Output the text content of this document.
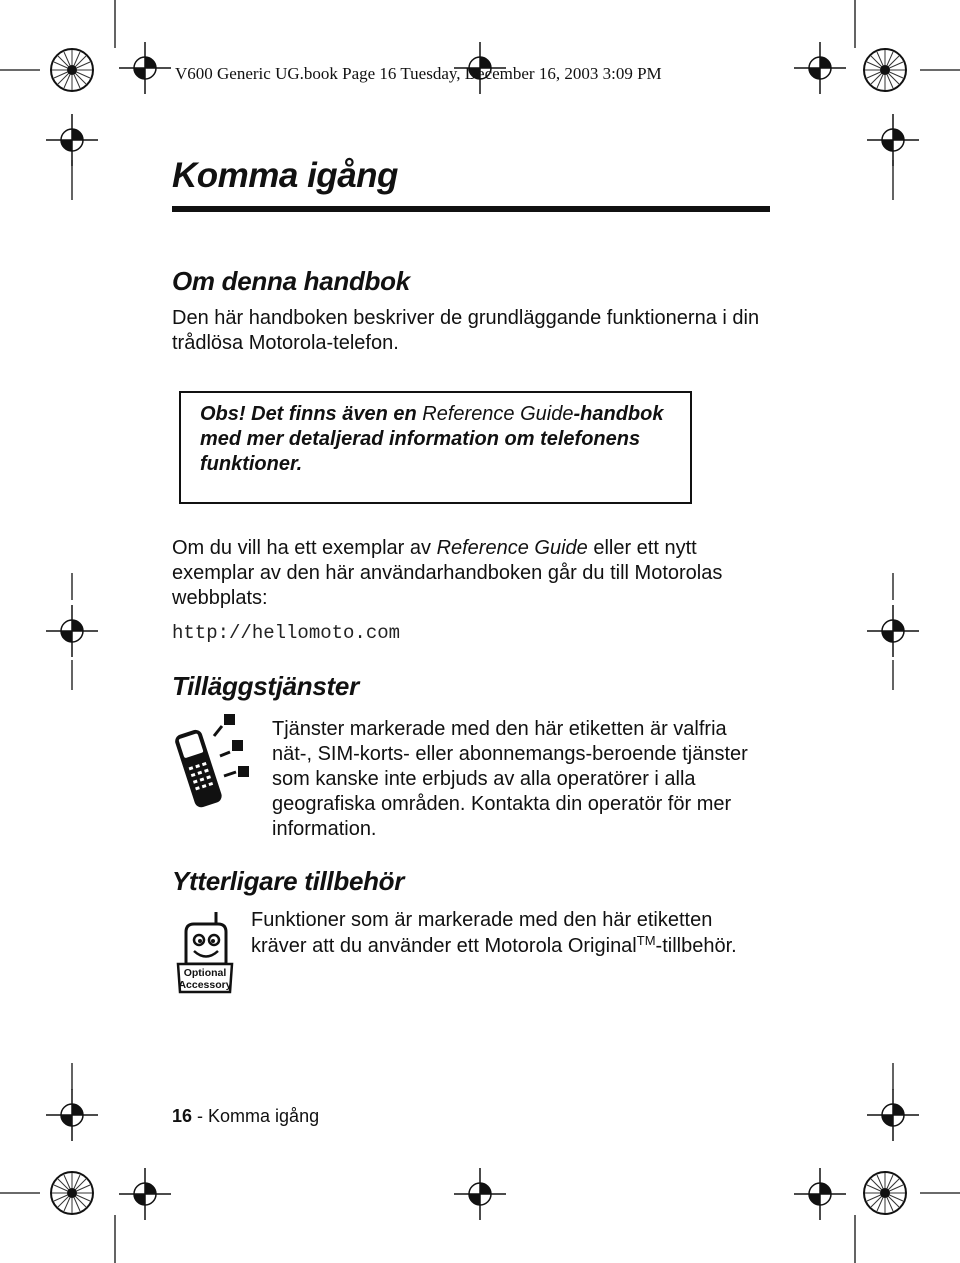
V600 Generic UG.book Page 16 Tuesday, December 16, 2003 3:09 PM
Komma igång
Om denna handbok

Den här handboken beskriver de grundläggande funktionerna i din

trådlösa Motorola-telefon.

Obs! Det finns även en Reference Guide-handbok
med mer detaljerad information om telefonens
funktioner.

Om du vill ha ett exemplar av Reference Guide eller ett nytt

exemplar av den här användarhandboken går du till Motorolas

webbplats:

http://hellomoto.com
Tilläggstjänster

Tjänster markerade med den här etiketten är valfria

nät-, SIM-korts- eller abonnemangs-beroende tjänster

som kanske inte erbjuds av alla operatörer i alla

geografiska områden. Kontakta din operatör för mer

information.

Ytterligare tillbehör
Optional
Accessory

Funktioner som är markerade med den här etiketten

kräver att du använder ett Motorola Original™-tillbehör.

16 - Komma igång
